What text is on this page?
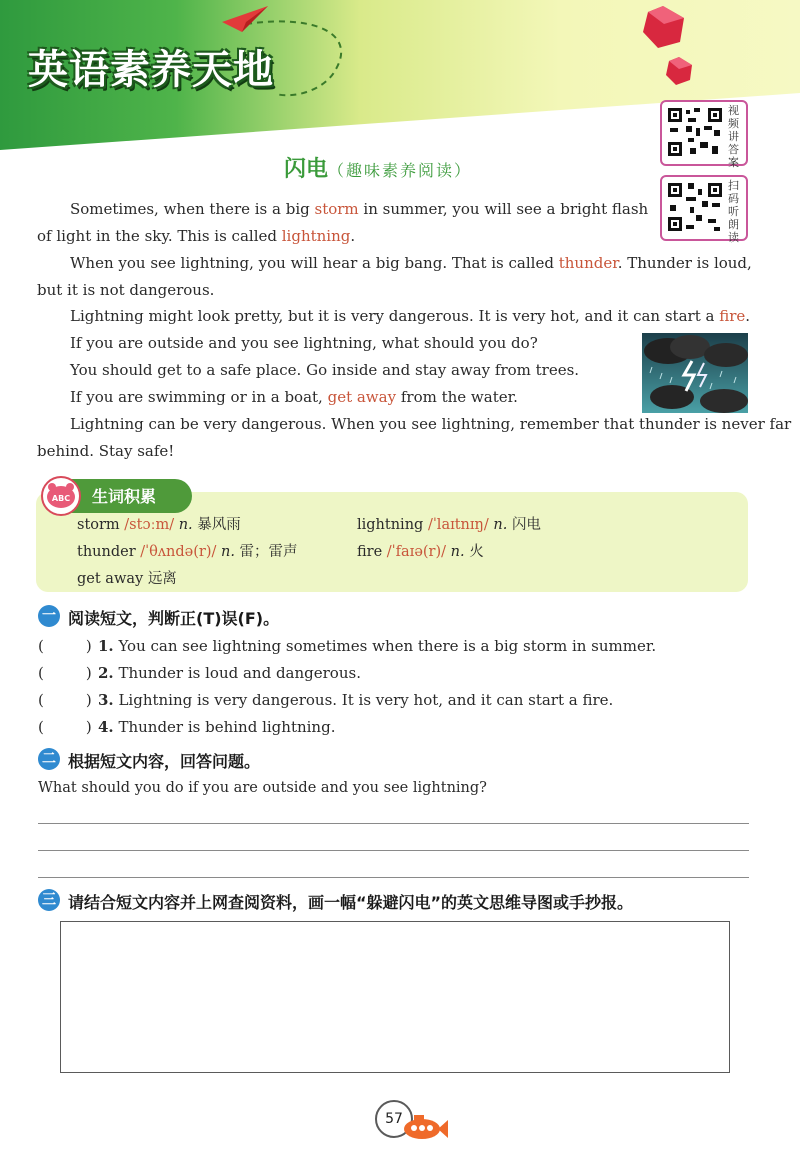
英语素养天地
视频讲答案
扫码听朗读
闪电（趣味素养阅读）
Sometimes, when there is a big storm in summer, you will see a bright flash
of light in the sky. This is called lightning.
When you see lightning, you will hear a big bang. That is called thunder. Thunder is loud,
but it is not dangerous.
Lightning might look pretty, but it is very dangerous. It is very hot, and it can start a fire.
If you are outside and you see lightning, what should you do?
You should get to a safe place. Go inside and stay away from trees.
If you are swimming or in a boat, get away from the water.
Lightning can be very dangerous. When you see lightning, remember that thunder is never far
behind. Stay safe!
ABC 生词积累
storm /stɔːm/ n. 暴风雨	lightning /ˈlaɪtnɪŋ/ n. 闪电
thunder /ˈθʌndə(r)/ n. 雷；雷声	fire /ˈfaɪə(r)/ n. 火
get away 远离
一 阅读短文，判断正(T)误(F)。
(	) 1. You can see lightning sometimes when there is a big storm in summer.
(	) 2. Thunder is loud and dangerous.
(	) 3. Lightning is very dangerous. It is very hot, and it can start a fire.
(	) 4. Thunder is behind lightning.
二 根据短文内容，回答问题。
What should you do if you are outside and you see lightning?
三 请结合短文内容并上网查阅资料，画一幅“躲避闪电”的英文思维导图或手抄报。
57
